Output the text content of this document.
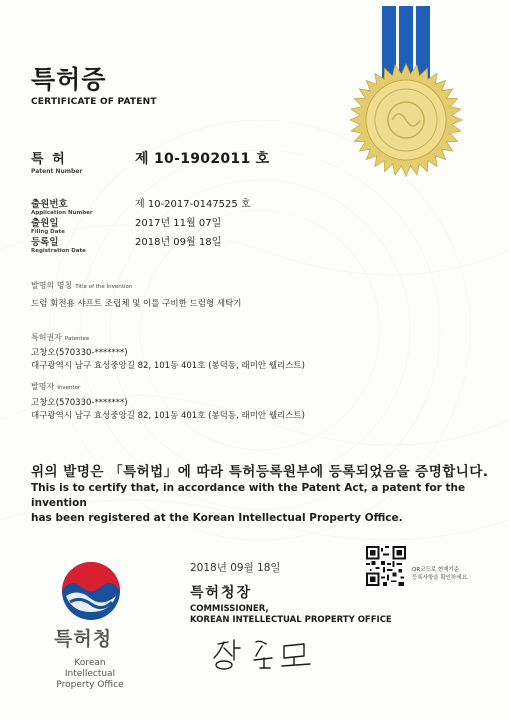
특허증
CERTIFICATE OF PATENT
특 허
Patent Number
제 10-1902011 호
출원번호
Application Number
제 10-2017-0147525 호
출원일
Filing Date
2017년 11월 07일
등록일
Registration Date
2018년 09월 18일
발명의 명칭 Title of the Invention
드럼 회전용 샤프트 조립체 및 이를 구비한 드럼형 세탁기
특허권자 Patentee
고창오(570330-*******)
대구광역시 남구 효성중앙길 82, 101동 401호 (봉덕동, 래미안 웰리스트)
발명자 Inventor
고창오(570330-*******)
대구광역시 남구 효성중앙길 82, 101동 401호 (봉덕동, 래미안 웰리스트)
위의 발명은 「특허법」에 따라 특허등록원부에 등록되었음을 증명합니다.
This is to certify that, in accordance with the Patent Act, a patent for the invention
has been registered at the Korean Intellectual Property Office.
2018년 09월 18일	QR코드로 현재기준
등록사항을 확인하세요.
특허청장
COMMISSIONER,
KOREAN INTELLECTUAL PROPERTY OFFICE
특허청
Korean Intellectual
Property Office
